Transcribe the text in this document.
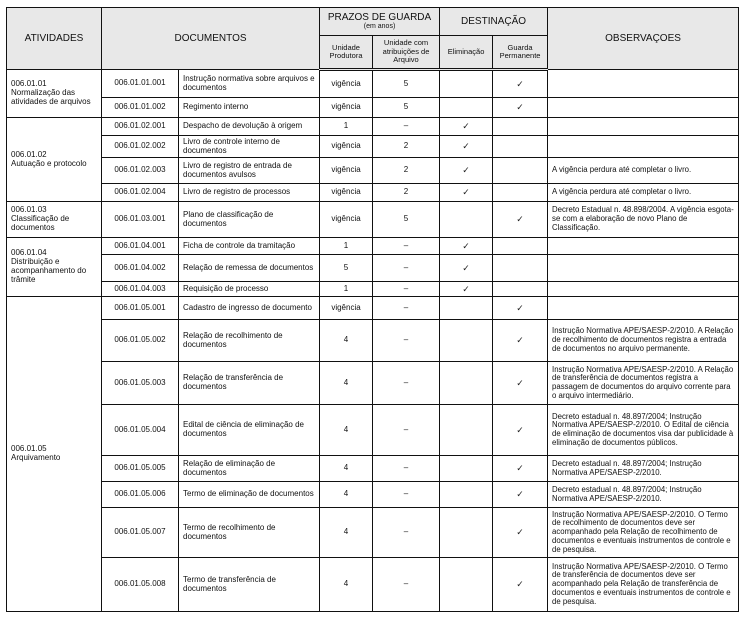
ATIVIDADES	DOCUMENTOS		PRAZOS DE GUARDA
(em anos)		DESTINAÇÃO		OBSERVAÇOES
			Unidade Produtora	Unidade com atribuições de Arquivo	Eliminação	Guarda Permanente	

006.01.01
Normalização das atividades de arquivos	006.01.01.001	Instrução normativa sobre arquivos e documentos	vigência	5		✓	
	006.01.01.002	Regimento interno	vigência	5		✓	

006.01.02
Autuação e protocolo	006.01.02.001	Despacho de devolução à origem	1	–	✓		
	006.01.02.002	Livro de controle interno de documentos	vigência	2	✓		
	006.01.02.003	Livro de registro de entrada de documentos avulsos	vigência	2	✓		A vigência perdura até completar o livro.
	006.01.02.004	Livro de registro de processos	vigência	2	✓		A vigência perdura até completar o livro.

006.01.03
Classificação de documentos	006.01.03.001	Plano de classificação de documentos	vigência	5		✓	Decreto Estadual n. 48.898/2004. A vigência esgota-se com a elaboração de novo Plano de Classificação.

006.01.04
Distribuição e acompanhamento do trâmite	006.01.04.001	Ficha de controle da tramitação	1	–	✓		
	006.01.04.002	Relação de remessa de documentos	5	–	✓		
	006.01.04.003	Requisição de processo	1	–	✓		

006.01.05
Arquivamento	006.01.05.001	Cadastro de ingresso de documento	vigência	–		✓	
	006.01.05.002	Relação de recolhimento de documentos	4	–		✓	Instrução Normativa APE/SAESP-2/2010. A Relação de recolhimento de documentos registra a entrada de documentos no arquivo permanente.
	006.01.05.003	Relação de transferência de documentos	4	–		✓	Instrução Normativa APE/SAESP-2/2010. A Relação de transferência de documentos registra a passagem de documentos do arquivo corrente para o arquivo intermediário.
	006.01.05.004	Edital de ciência de eliminação de documentos	4	–		✓	Decreto estadual n. 48.897/2004; Instrução Normativa APE/SAESP-2/2010. O Edital de ciência de eliminação de documentos visa dar publicidade à eliminação de documentos públicos.
	006.01.05.005	Relação de eliminação de documentos	4	–		✓	Decreto estadual n. 48.897/2004; Instrução Normativa APE/SAESP-2/2010.
	006.01.05.006	Termo de eliminação de documentos	4	–		✓	Decreto estadual n. 48.897/2004; Instrução Normativa APE/SAESP-2/2010.
	006.01.05.007	Termo de recolhimento de documentos	4	–		✓	Instrução Normativa APE/SAESP-2/2010. O Termo de recolhimento de documentos deve ser acompanhado pela Relação de recolhimento de documentos e eventuais instrumentos de controle e de pesquisa.
	006.01.05.008	Termo de transferência de documentos	4	–		✓	Instrução Normativa APE/SAESP-2/2010. O Termo de transferência de documentos deve ser acompanhado pela Relação de transferência de documentos e eventuais instrumentos de controle e de pesquisa.
